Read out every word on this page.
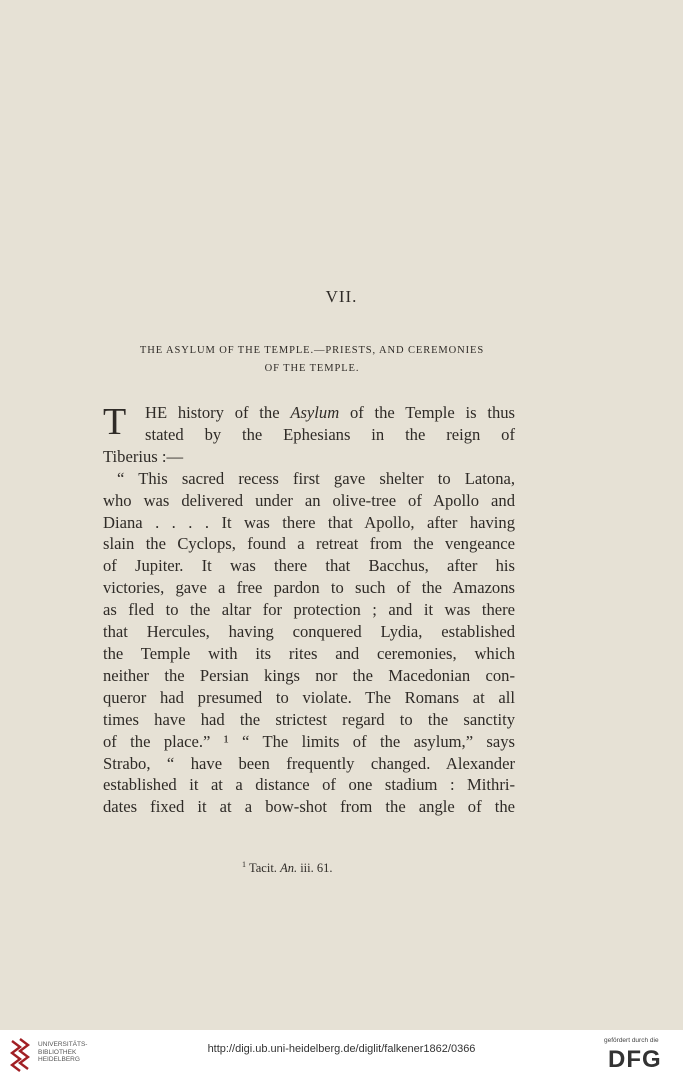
VII.
THE ASYLUM OF THE TEMPLE.—PRIESTS, AND CEREMONIES
OF THE TEMPLE.
T	HE history of the Asylum of the Temple is thus
stated by the Ephesians in the reign of
Tiberius :—
“ This sacred recess first gave shelter to Latona,
who was delivered under an olive-tree of Apollo and
Diana . . . . It was there that Apollo, after having
slain the Cyclops, found a retreat from the vengeance
of Jupiter. It was there that Bacchus, after his
victories, gave a free pardon to such of the Amazons
as fled to the altar for protection ; and it was there
that Hercules, having conquered Lydia, established
the Temple with its rites and ceremonies, which
neither the Persian kings nor the Macedonian con-
queror had presumed to violate. The Romans at all
times have had the strictest regard to the sanctity
of the place.” ¹ “ The limits of the asylum,” says
Strabo, “ have been frequently changed. Alexander
established it at a distance of one stadium : Mithri-
dates fixed it at a bow-shot from the angle of the
$^1$ Tacit. An. iii. 61.
UNIVERSITÄTS-
BIBLIOTHEK
HEIDELBERG
http://digi.ub.uni-heidelberg.de/diglit/falkener1862/0366
gefördert durch die
DFG
